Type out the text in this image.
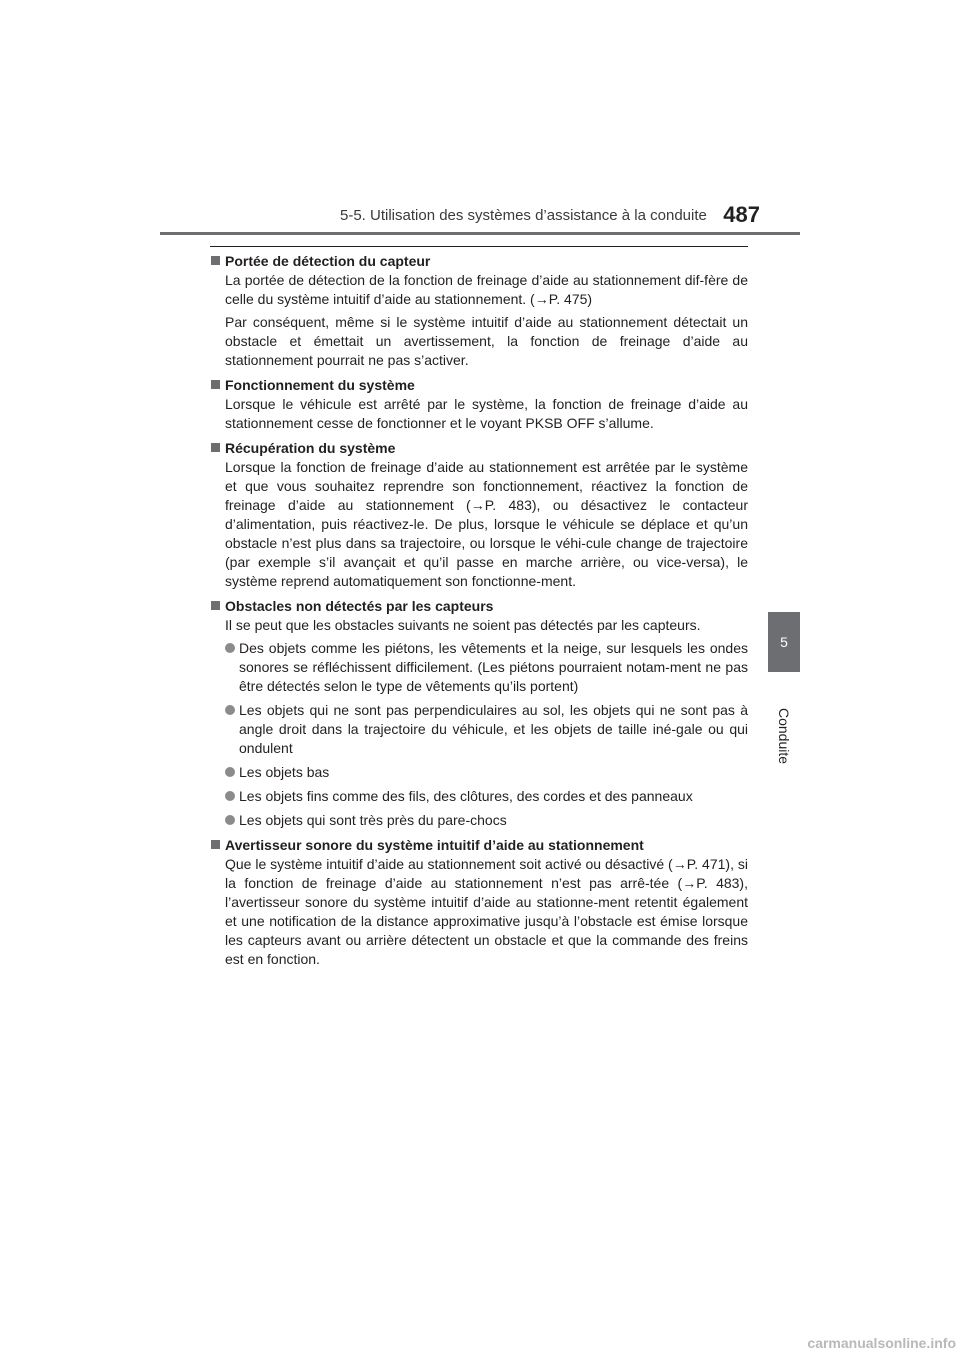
5-5. Utilisation des systèmes d’assistance à la conduite 487
5
Conduite
Portée de détection du capteur

La portée de détection de la fonction de freinage d’aide au stationnement dif-fère de celle du système intuitif d’aide au stationnement. (→P. 475)

Par conséquent, même si le système intuitif d’aide au stationnement détectait un obstacle et émettait un avertissement, la fonction de freinage d’aide au stationnement pourrait ne pas s’activer.

Fonctionnement du système

Lorsque le véhicule est arrêté par le système, la fonction de freinage d’aide au stationnement cesse de fonctionner et le voyant PKSB OFF s’allume.

Récupération du système

Lorsque la fonction de freinage d’aide au stationnement est arrêtée par le système et que vous souhaitez reprendre son fonctionnement, réactivez la fonction de freinage d’aide au stationnement (→P. 483), ou désactivez le contacteur d’alimentation, puis réactivez-le. De plus, lorsque le véhicule se déplace et qu’un obstacle n’est plus dans sa trajectoire, ou lorsque le véhi-cule change de trajectoire (par exemple s’il avançait et qu’il passe en marche arrière, ou vice-versa), le système reprend automatiquement son fonctionne-ment.

Obstacles non détectés par les capteurs

Il se peut que les obstacles suivants ne soient pas détectés par les capteurs.

Des objets comme les piétons, les vêtements et la neige, sur lesquels les ondes sonores se réfléchissent difficilement. (Les piétons pourraient notam-ment ne pas être détectés selon le type de vêtements qu’ils portent)
Les objets qui ne sont pas perpendiculaires au sol, les objets qui ne sont pas à angle droit dans la trajectoire du véhicule, et les objets de taille iné-gale ou qui ondulent
Les objets bas
Les objets fins comme des fils, des clôtures, des cordes et des panneaux
Les objets qui sont très près du pare-chocs
Avertisseur sonore du système intuitif d’aide au stationnement

Que le système intuitif d’aide au stationnement soit activé ou désactivé (→P. 471), si la fonction de freinage d’aide au stationnement n’est pas arrê-tée (→P. 483), l’avertisseur sonore du système intuitif d’aide au stationne-ment retentit également et une notification de la distance approximative jusqu’à l’obstacle est émise lorsque les capteurs avant ou arrière détectent un obstacle et que la commande des freins est en fonction.

carmanualsonline.info
